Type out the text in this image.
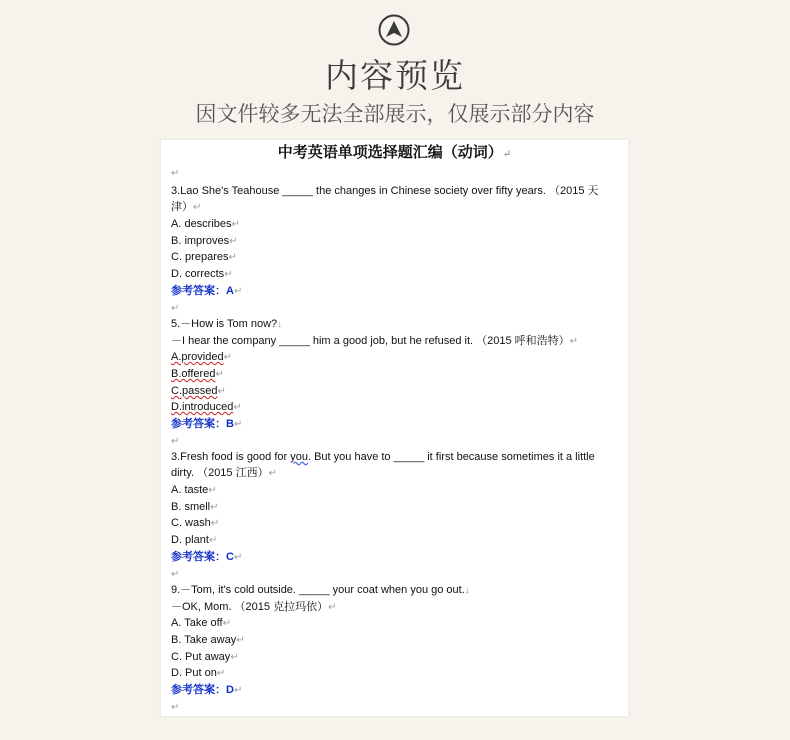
内容预览
因文件较多无法全部展示，仅展示部分内容
中考英语单项选择题汇编（动词）↵
↵
3.Lao She's Teahouse _____ the changes in Chinese society over fifty years. （2015 天
津）↵
A. describes↵
B. improves↵
C. prepares↵
D. corrects↵
参考答案：A↵
↵
5.－How is Tom now?↓
－I hear the company _____ him a good job, but he refused it. （2015 呼和浩特）↵
A.provided↵
B.offered↵
C.passed↵
D.introduced↵
参考答案：B↵
↵
3.Fresh food is good for you. But you have to _____ it first because sometimes it a little
dirty. （2015 江西）↵
A. taste↵
B. smell↵
C. wash↵
D. plant↵
参考答案：C↵
↵
9.－Tom, it's cold outside. _____ your coat when you go out.↓
－OK, Mom. （2015 克拉玛依）↵
A. Take off↵
B. Take away↵
C. Put away↵
D. Put on↵
参考答案：D↵
↵
